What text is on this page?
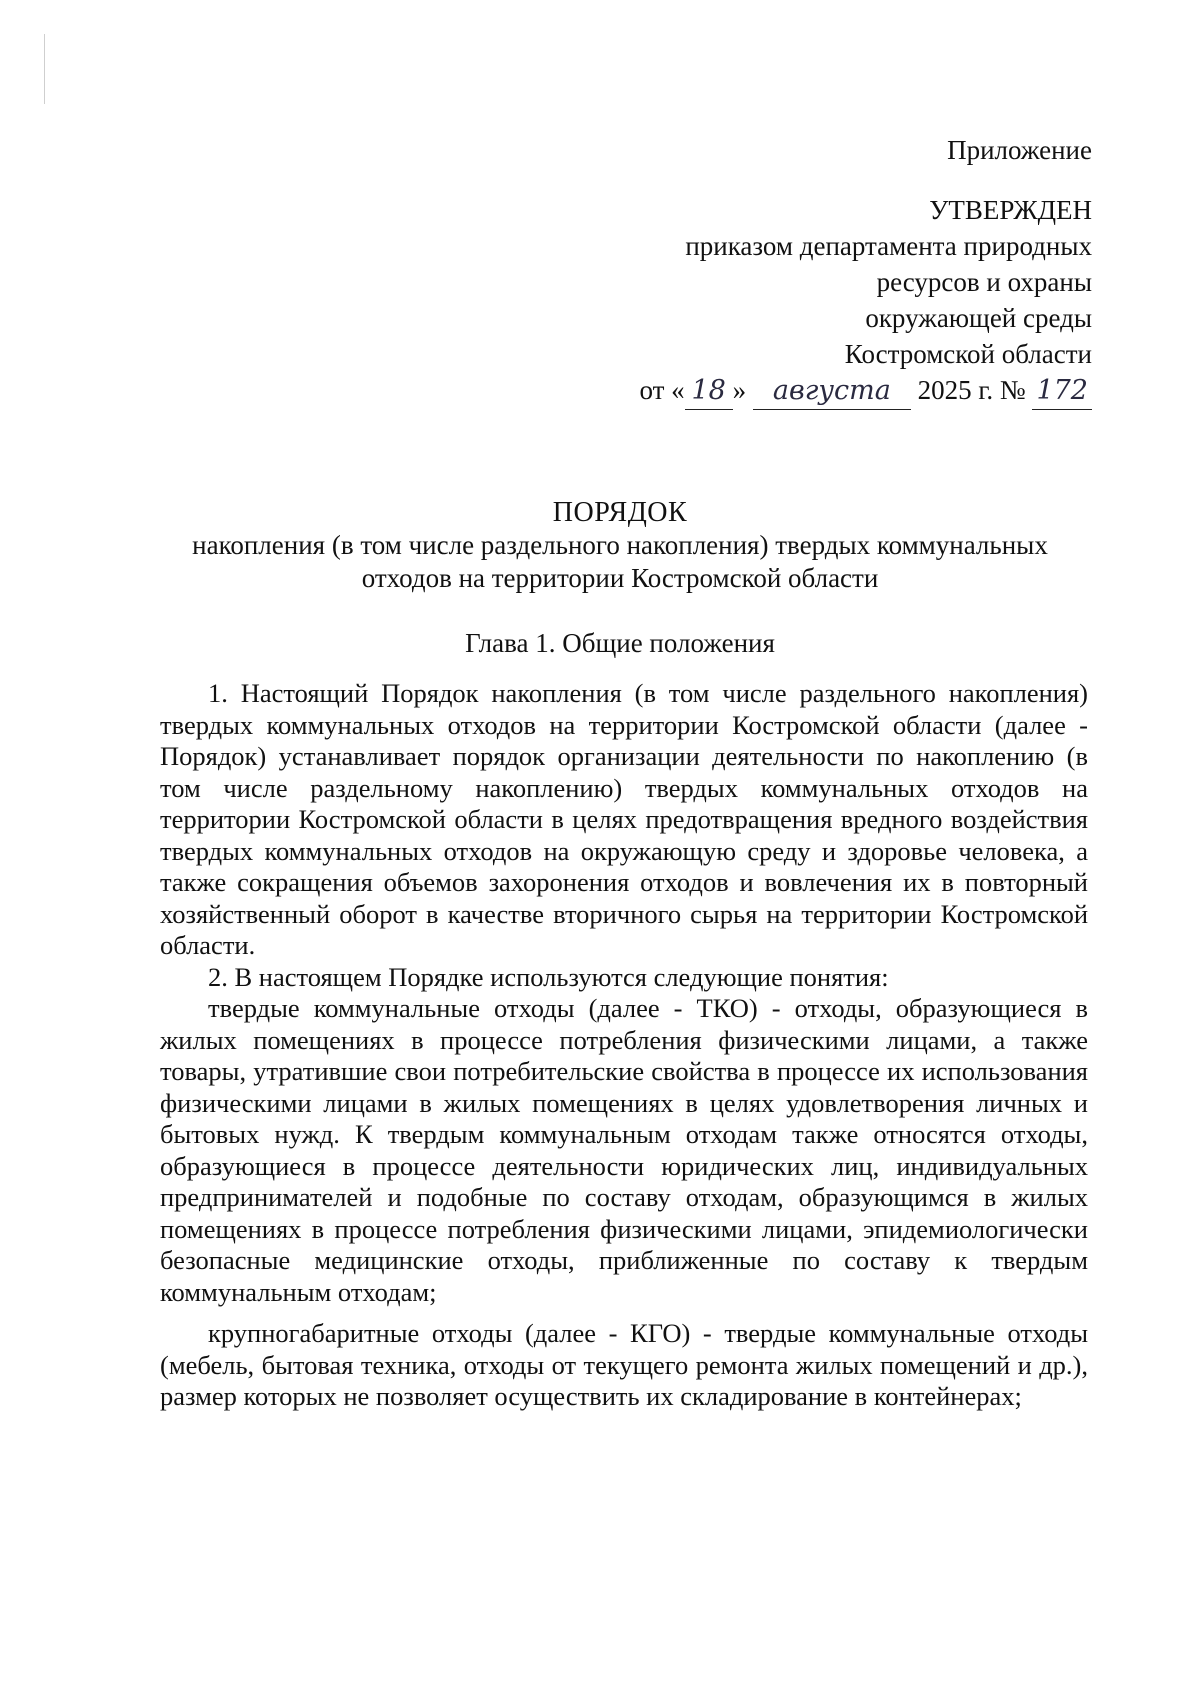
Приложение
УТВЕРЖДЕН
приказом департамента природных
ресурсов и охраны
окружающей среды
Костромской области
от « 18 » августа 2025 г. № 172
ПОРЯДОК
накопления (в том числе раздельного накопления) твердых коммунальных отходов на территории Костромской области
Глава 1. Общие положения

1. Настоящий Порядок накопления (в том числе раздельного накопления) твердых коммунальных отходов на территории Костромской области (далее - Порядок) устанавливает порядок организации деятельности по накоплению (в том числе раздельному накоплению) твердых коммунальных отходов на территории Костромской области в целях предотвращения вредного воздействия твердых коммунальных отходов на окружающую среду и здоровье человека, а также сокращения объемов захоронения отходов и вовлечения их в повторный хозяйственный оборот в качестве вторичного сырья на территории Костромской области.

2. В настоящем Порядке используются следующие понятия:

твердые коммунальные отходы (далее - ТКО) - отходы, образующиеся в жилых помещениях в процессе потребления физическими лицами, а также товары, утратившие свои потребительские свойства в процессе их использования физическими лицами в жилых помещениях в целях удовлетворения личных и бытовых нужд. К твердым коммунальным отходам также относятся отходы, образующиеся в процессе деятельности юридических лиц, индивидуальных предпринимателей и подобные по составу отходам, образующимся в жилых помещениях в процессе потребления физическими лицами, эпидемиологически безопасные медицинские отходы, приближенные по составу к твердым коммунальным отходам;

крупногабаритные отходы (далее - КГО) - твердые коммунальные отходы (мебель, бытовая техника, отходы от текущего ремонта жилых помещений и др.), размер которых не позволяет осуществить их складирование в контейнерах;
